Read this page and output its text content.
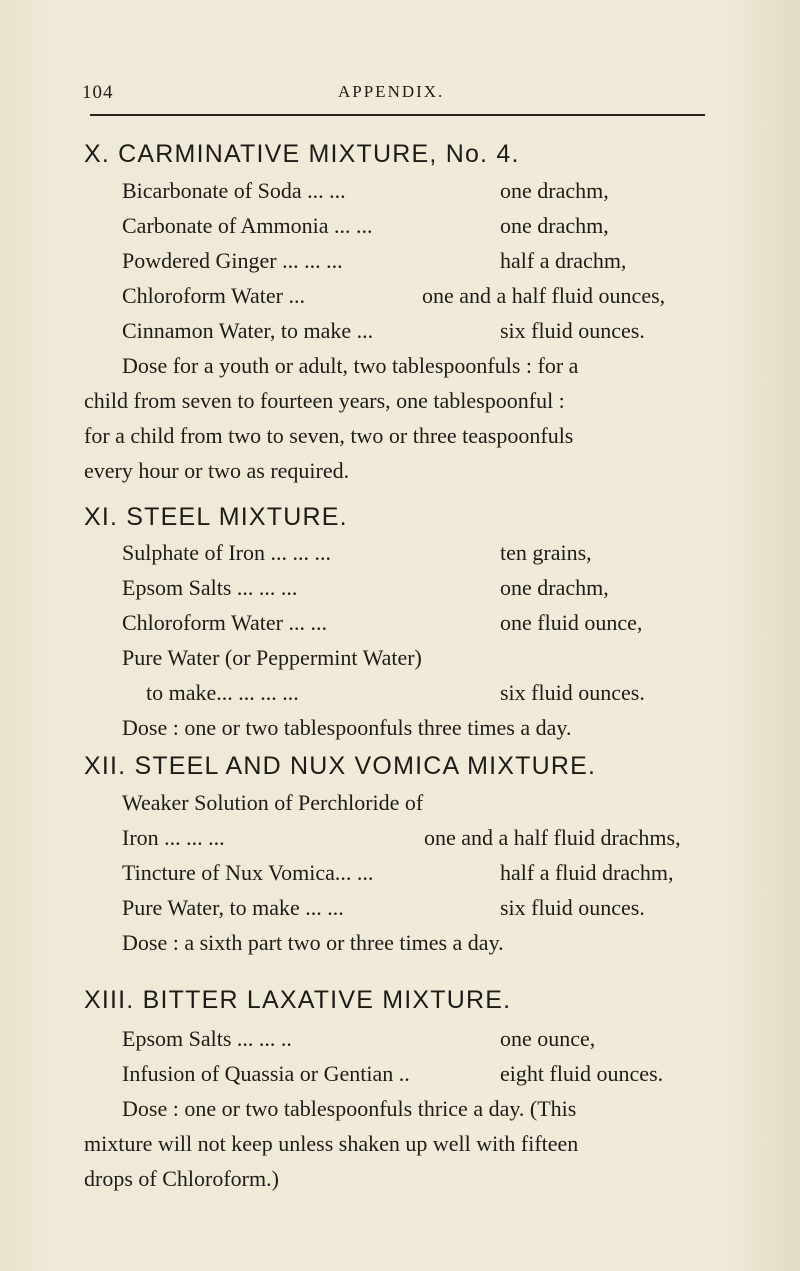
104	APPENDIX.
X. CARMINATIVE MIXTURE, No. 4.
Bicarbonate of Soda ... ...	one drachm,
Carbonate of Ammonia ... ...	one drachm,
Powdered Ginger ... ... ...	half a drachm,
Chloroform Water ...	one and a half fluid ounces,
Cinnamon Water, to make ...	six fluid ounces.
Dose for a youth or adult, two tablespoonfuls : for a
child from seven to fourteen years, one tablespoonful :
for a child from two to seven, two or three teaspoonfuls
every hour or two as required.
XI. STEEL MIXTURE.
Sulphate of Iron ... ... ...	ten grains,
Epsom Salts ... ... ...	one drachm,
Chloroform Water ... ...	one fluid ounce,
Pure Water (or Peppermint Water)
to make... ... ... ...	six fluid ounces.
Dose : one or two tablespoonfuls three times a day.
XII. STEEL AND NUX VOMICA MIXTURE.
Weaker Solution of Perchloride of
Iron ... ... ...	one and a half fluid drachms,
Tincture of Nux Vomica... ...	half a fluid drachm,
Pure Water, to make ... ...	six fluid ounces.
Dose : a sixth part two or three times a day.
XIII. BITTER LAXATIVE MIXTURE.
Epsom Salts ... ... ..	one ounce,
Infusion of Quassia or Gentian ..	eight fluid ounces.
Dose : one or two tablespoonfuls thrice a day. (This
mixture will not keep unless shaken up well with fifteen
drops of Chloroform.)
